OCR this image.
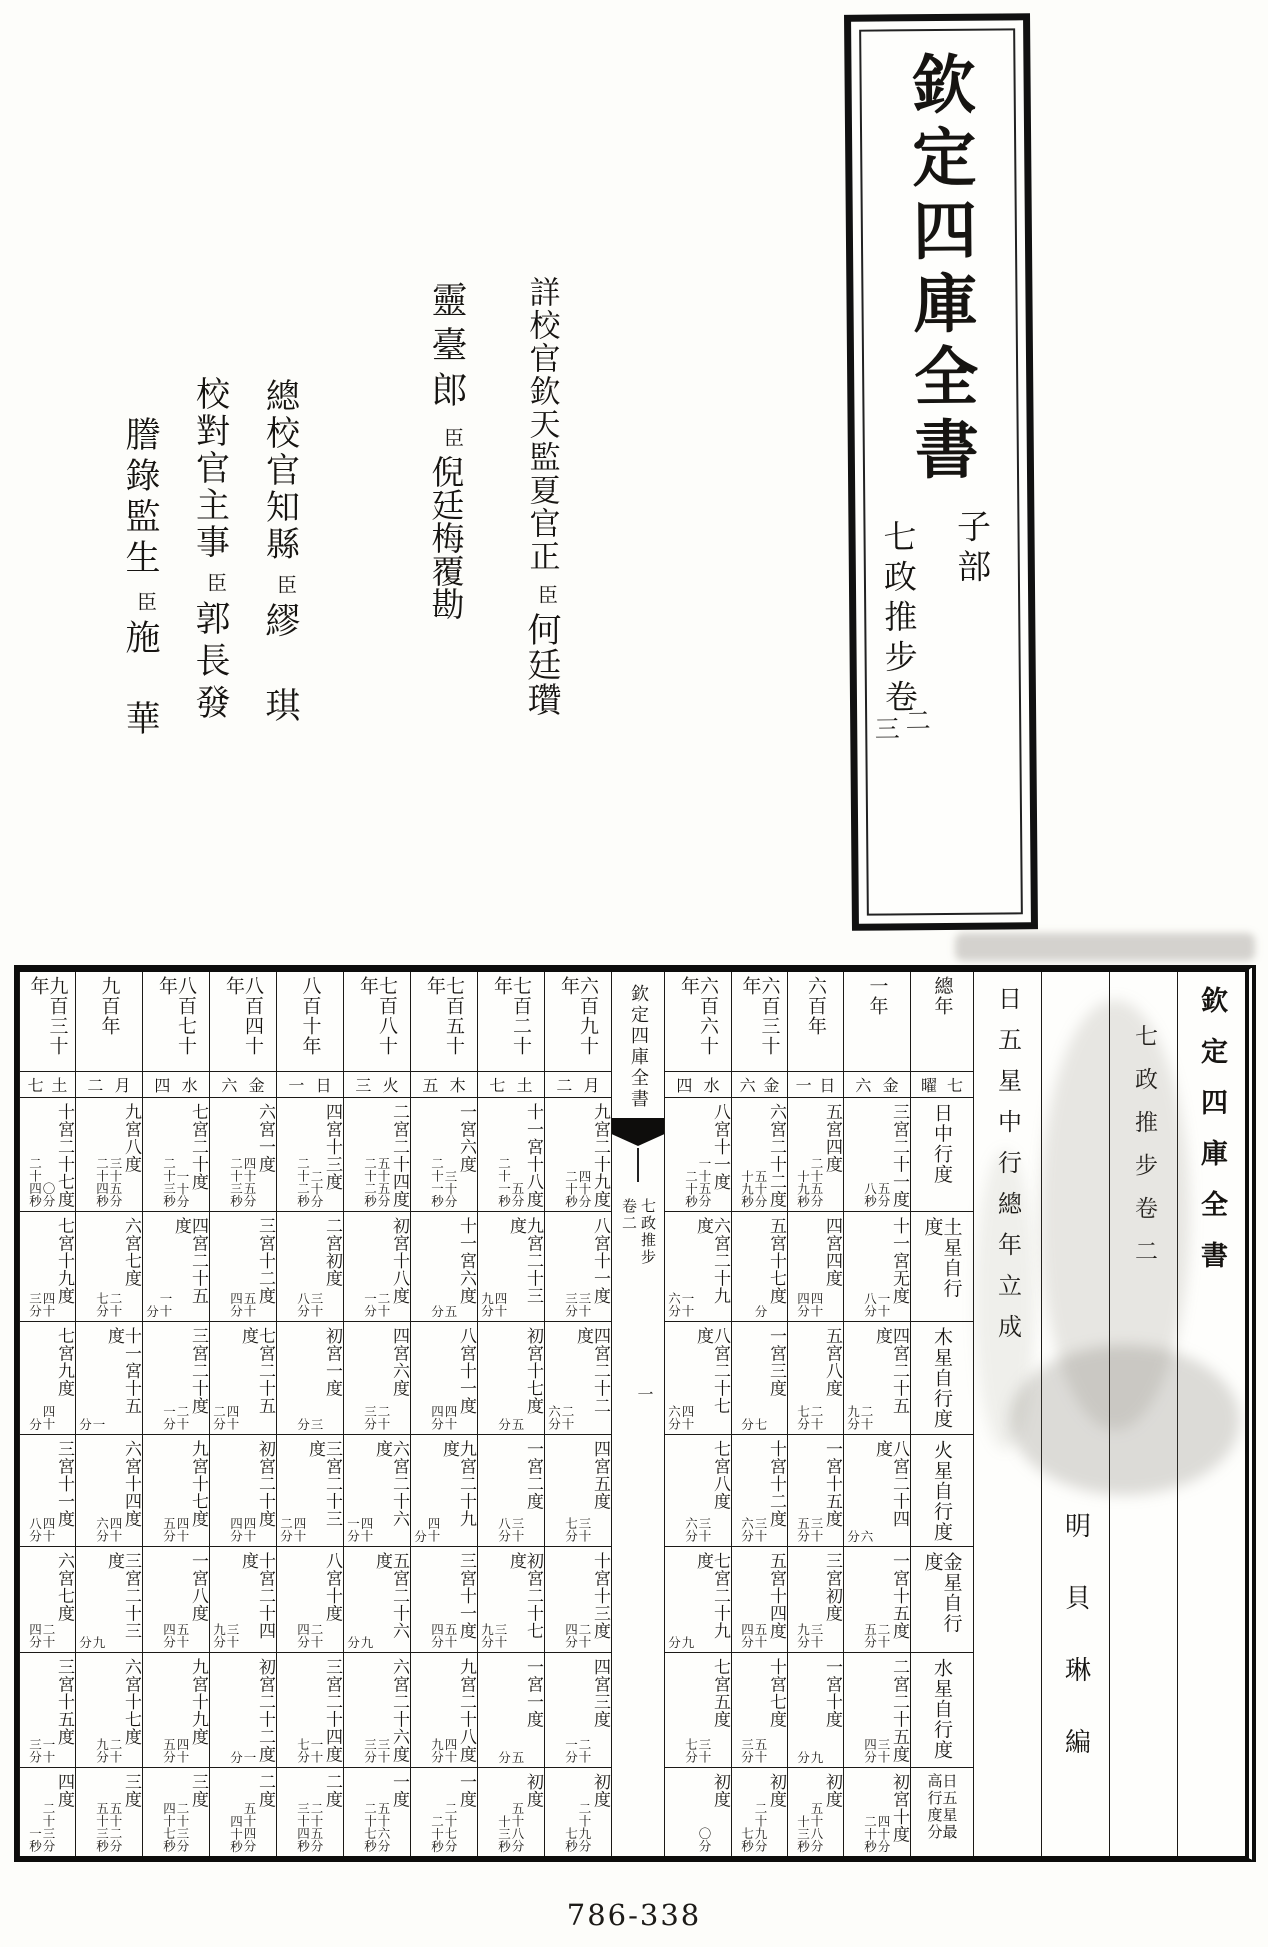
欽定四庫全書
子部
七政推步卷
二
三
詳校官欽天監夏官正
臣
何廷瓚
靈臺郎
臣
倪廷梅
覆勘
總校官知縣
臣
繆琪
校對官主事
臣
郭長發
謄錄監生
臣
施華
欽定四庫全書
七政推步卷二
明貝琳編
日五星中行總年立成
總年
曜 七
日中行度
土星自行度
木星自行度
火星自行度
金星自行度
水星自行度
日五星最
高行度分
一年
六 金
三宮二十一度
五分
八秒
十一宮无度
一十
八分
四宮二十五度
二十
九分
八宮二十四度
六
分
一宮十五度
二十
五分
二宮二十五度
三十
四分
初宮十度
四十分
二十秒
六百年
一 日
五宮四度
二十五分
十九秒
四宮四度
四十
四分
五宮八度
二十
七分
一宮十五度
三十
五分
三宮初度
三十
九分
一宮十度
九
分
初度
五十八分
十三秒
六百三十年
六 金
六宮二十二度
五十分
十九秒
五宮十七度
分
一宮三度
七
分
十宮十二度
三十
六分
五宮十四度
五十
四分
十宮七度
五十
三分
初度
二十九分
七秒
六百六十年
四 水
八宮十一度
一十五分
二十秒
六宮二十九度
一十
六分
八宮二十七度
四十
六分
七宮八度
三十
六分
七宮二十九度
九
分
七宮五度
三十
七分
初度
〇分
欽定四庫全書
七政推步
卷二
一
六百九十年
二 月
九宮二十九度
四十分
二十秒
八宮十一度
三十
三分
四宮二十二度
二十
六分
四宮五度
三十
七分
十宮十三度
二十
四分
四宮三度
二十
一分
初度
二十九分
七秒
七百二十年
七 土
十一宮十八度
五分
二十一秒
九宮二十三度
四十
九分
初宮十七度
五
分
一宮二度
三十
八分
初宮二十七度
三十
九分
一宮一度
五
分
初度
五十八分
十三秒
七百五十年
五 木
一宮六度
三十分
二十一秒
十一宮六度
五
分
八宮十一度
四十
四分
九宮二十九度
四十
分
三宮十一度
五十
四分
九宮二十八度
四十
九分
一度
二十七分
二十秒
七百八十年
三 火
二宮二十四度
五十五分
二十二秒
初宮十八度
二十
一分
四宮六度
二十
三分
六宮二十六度
四十
一分
五宮二十六度
九
分
六宮二十六度
三十
三分
一度
五十六分
二十七秒
八百十年
一 日
四宮十三度
二十分
二十二秒
二宮初度
三十
八分
初宮一度
三
分
三宮二十三度
四十
二分
八宮十度
二十
四分
三宮二十四度
一十
七分
二度
二十五分
三十四秒
八百四十年
六 金
六宮一度
四十五分
二十三秒
三宮十二度
五十
四分
七宮二十五度
四十
二分
初宮二十度
四十
四分
十宮二十四度
三十
九分
初宮二十二度
一
分
二度
五十四分
四十秒
八百七十年
四 水
七宮二十度
一十分
二十三秒
四宮二十五度
一十
分
三宮二十度
二十
一分
九宮十七度
四十
五分
一宮八度
五十
四分
九宮十九度
四十
五分
三度
二十三分
四十七秒
九百年
二 月
九宮八度
三十五分
二十四秒
六宮七度
二十
七分
十一宮十五度
一
分
六宮十四度
四十
六分
三宮二十三度
九
分
六宮十七度
二十
九分
三度
五十二分
五十三秒
九百三十年
七 土
十宮二十七度
〇分
二十四秒
七宮十九度
四十
三分
七宮九度
四十
分
三宮十一度
四十
八分
六宮七度
二十
四分
三宮十五度
一十
三分
四度
二十三分
一秒
786-338
